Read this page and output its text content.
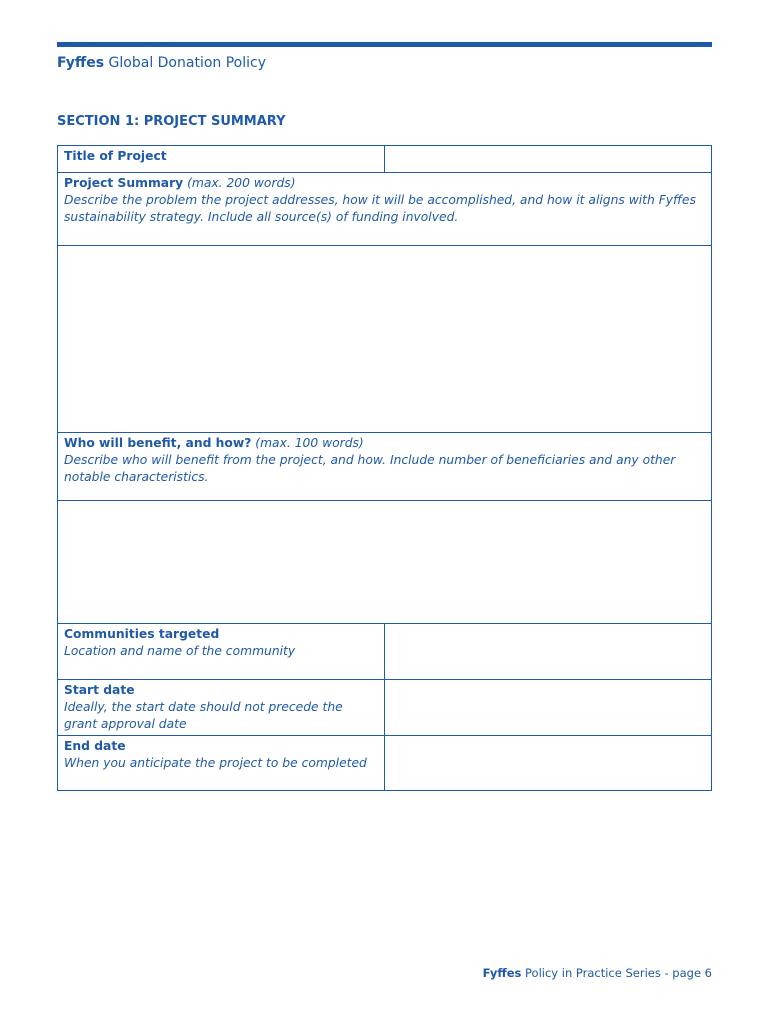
Fyffes Global Donation Policy
SECTION 1: PROJECT SUMMARY
Title of Project
Project Summary (max. 200 words)
Describe the problem the project addresses, how it will be accomplished, and how it aligns with Fyffes sustainability strategy. Include all source(s) of funding involved.
Who will benefit, and how? (max. 100 words)
Describe who will benefit from the project, and how. Include number of beneficiaries and any other notable characteristics.
Communities targeted
Location and name of the community
Start date
Ideally, the start date should not precede the grant approval date
End date
When you anticipate the project to be completed
Fyffes Policy in Practice Series - page 6
